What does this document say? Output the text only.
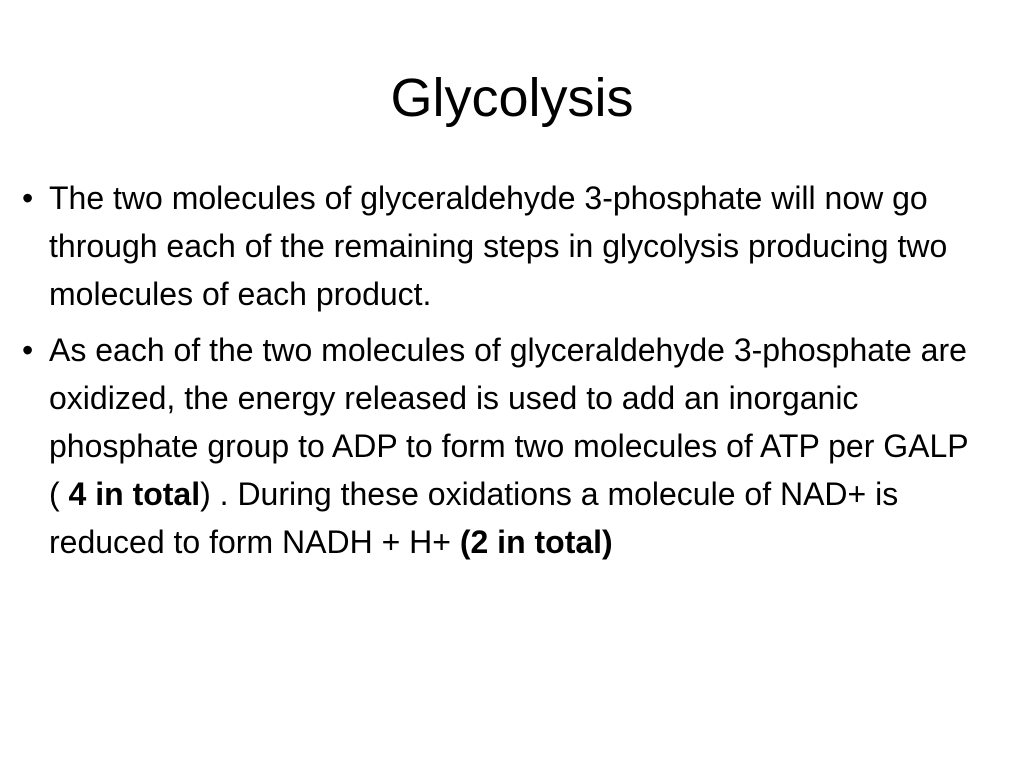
Glycolysis
• The two molecules of glyceraldehyde 3-phosphate will now go through each of the remaining steps in glycolysis producing two molecules of each product.
• As each of the two molecules of glyceraldehyde 3-phosphate are oxidized, the energy released is used to add an inorganic phosphate group to ADP to form two molecules of ATP per GALP ( 4 in total) . During these oxidations a molecule of NAD+ is reduced to form NADH + H+ (2 in total)
